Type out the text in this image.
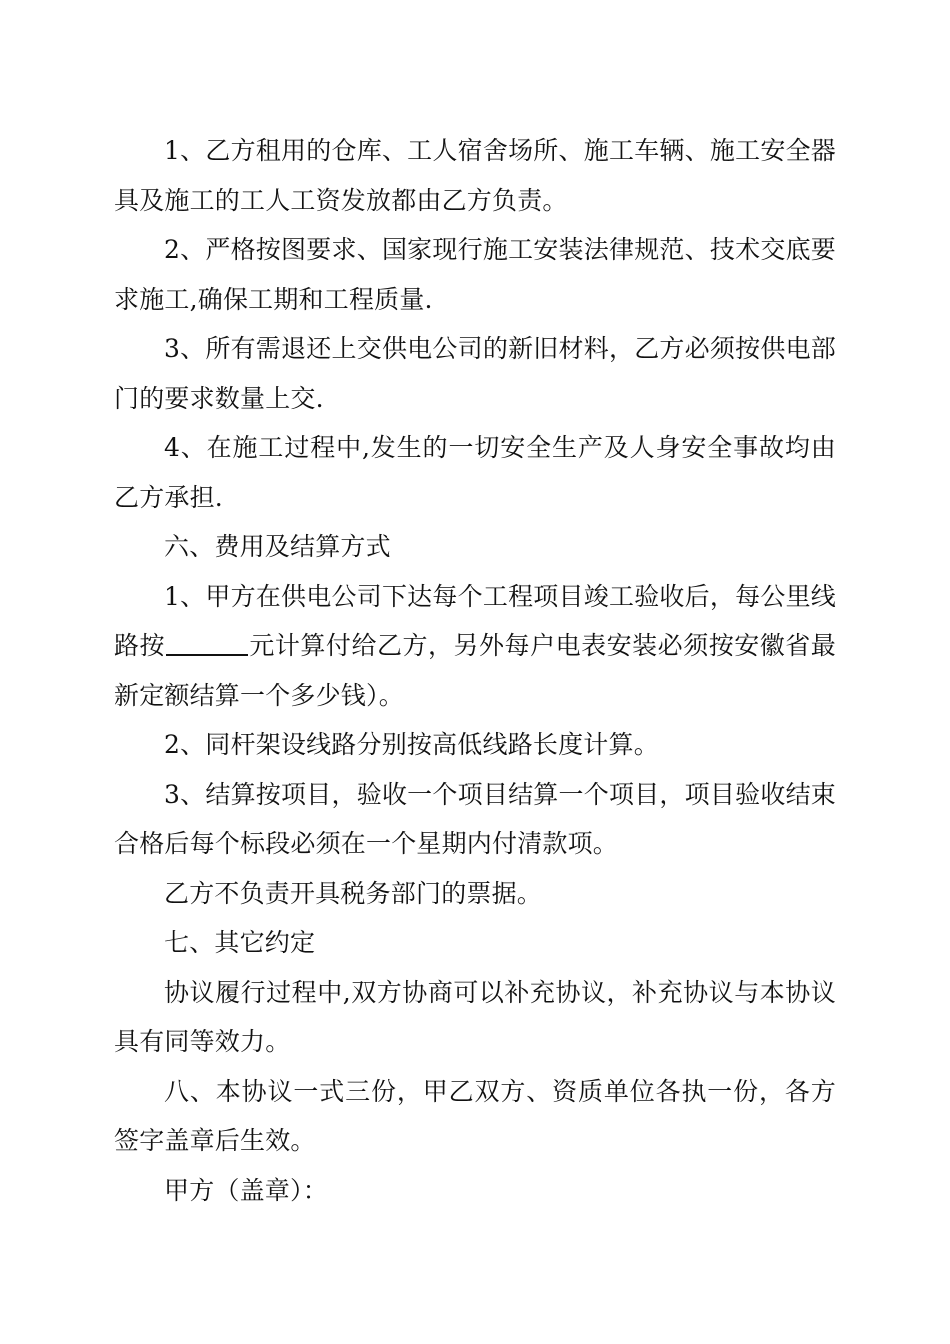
1、乙方租用的仓库、工人宿舍场所、施工车辆、施工安全器具及施工的工人工资发放都由乙方负责。

2、严格按图要求、国家现行施工安装法律规范、技术交底要求施工,确保工期和工程质量.

3、所有需退还上交供电公司的新旧材料，乙方必须按供电部门的要求数量上交.

4、在施工过程中,发生的一切安全生产及人身安全事故均由乙方承担.

六、费用及结算方式

1、甲方在供电公司下达每个工程项目竣工验收后，每公里线路按	元计算付给乙方，另外每户电表安装必须按安徽省最新定额结算一个多少钱）。

2、同杆架设线路分别按高低线路长度计算。

3、结算按项目，验收一个项目结算一个项目，项目验收结束合格后每个标段必须在一个星期内付清款项。

乙方不负责开具税务部门的票据。

七、其它约定

协议履行过程中,双方协商可以补充协议，补充协议与本协议具有同等效力。

八、本协议一式三份，甲乙双方、资质单位各执一份，各方签字盖章后生效。

甲方（盖章）：
